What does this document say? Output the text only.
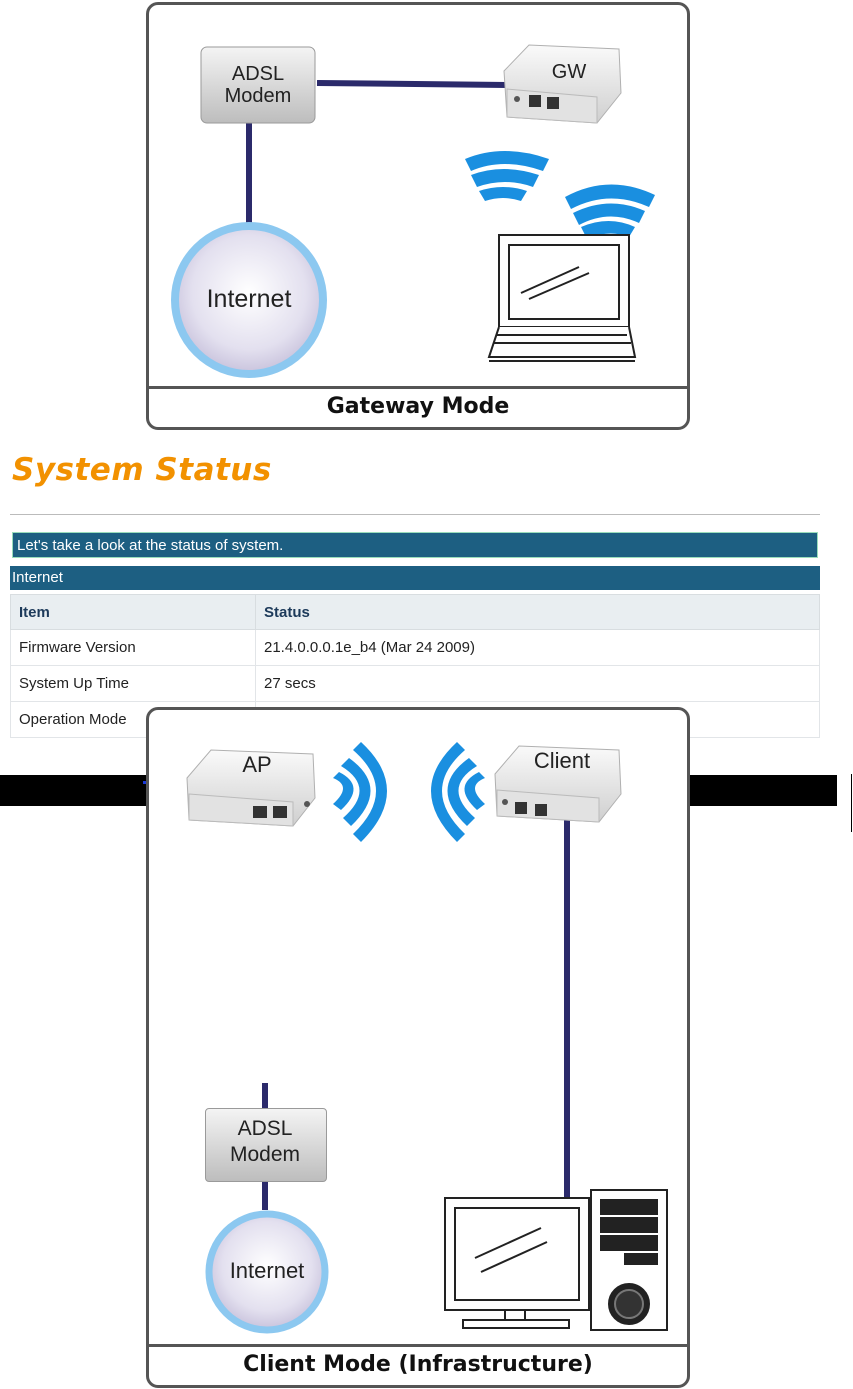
ADSL
Modem
GW
Internet
Gateway Mode
System Status
Let's take a look at the status of system.
Internet
Item	Status
Firmware Version	21.4.0.0.0.1e_b4 (Mar 24 2009)
System Up Time	27 secs
Operation Mode	
ADSL
Modem
AP	Client
Internet
Client Mode (Infrastructure)
